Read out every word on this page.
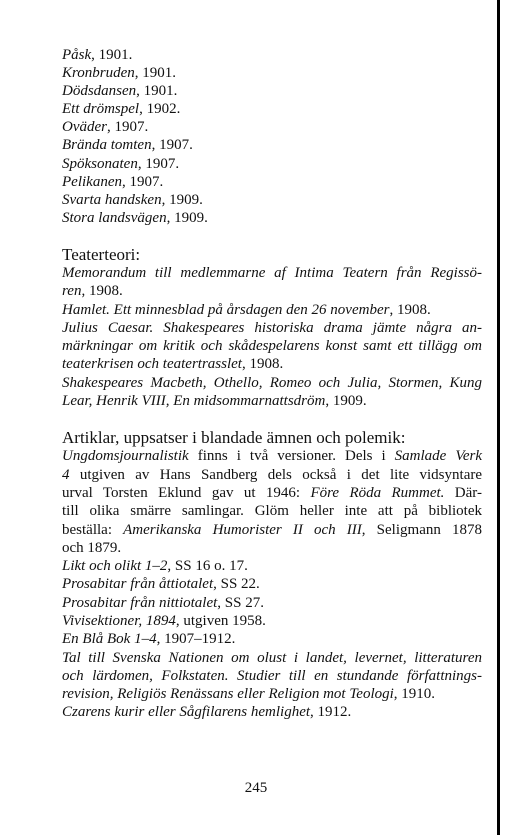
Påsk, 1901.
Kronbruden, 1901.
Dödsdansen, 1901.
Ett drömspel, 1902.
Oväder, 1907.
Brända tomten, 1907.
Spöksonaten, 1907.
Pelikanen, 1907.
Svarta handsken, 1909.
Stora landsvägen, 1909.
Teaterteori:
Memorandum till medlemmarne af Intima Teatern från Regissö-
ren, 1908.
Hamlet. Ett minnesblad på årsdagen den 26 november, 1908.
Julius Caesar. Shakespeares historiska drama jämte några an-
märkningar om kritik och skådespelarens konst samt ett tillägg om
teaterkrisen och teatertrasslet, 1908.
Shakespeares Macbeth, Othello, Romeo och Julia, Stormen, Kung
Lear, Henrik VIII, En midsommarnattsdröm, 1909.
Artiklar, uppsatser i blandade ämnen och polemik:
Ungdomsjournalistik finns i två versioner. Dels i Samlade Verk
4 utgiven av Hans Sandberg dels också i det lite vidsyntare
urval Torsten Eklund gav ut 1946: Före Röda Rummet. Där-
till olika smärre samlingar. Glöm heller inte att på bibliotek
beställa: Amerikanska Humorister II och III, Seligmann 1878
och 1879.
Likt och olikt 1–2, SS 16 o. 17.
Prosabitar från åttiotalet, SS 22.
Prosabitar från nittiotalet, SS 27.
Vivisektioner, 1894, utgiven 1958.
En Blå Bok 1–4, 1907–1912.
Tal till Svenska Nationen om olust i landet, levernet, litteraturen
och lärdomen, Folkstaten. Studier till en stundande författnings-
revision, Religiös Renässans eller Religion mot Teologi, 1910.
Czarens kurir eller Sågfilarens hemlighet, 1912.
245
